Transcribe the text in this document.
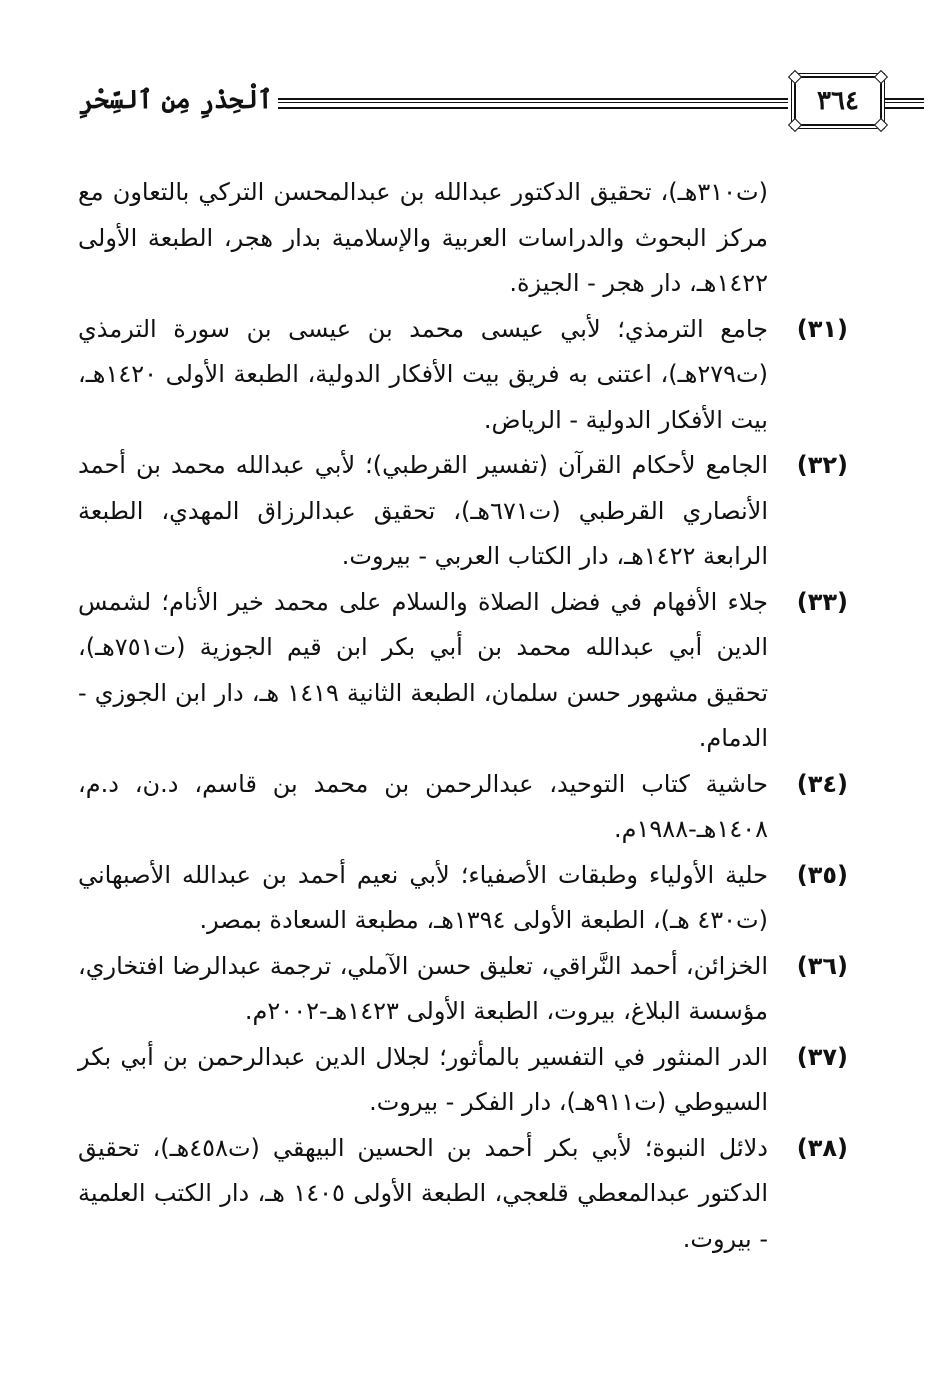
٣٦٤
ٱلْحِذْرِ مِن ٱلسِّحْرِ

(ت٣١٠هـ)، تحقيق الدكتور عبدالله بن عبدالمحسن التركي بالتعاون مع مركز البحوث والدراسات العربية والإسلامية بدار هجر، الطبعة الأولى ١٤٢٢هـ، دار هجر - الجيزة.

(٣١)
جامع الترمذي؛ لأبي عيسى محمد بن عيسى بن سورة الترمذي (ت٢٧٩هـ)، اعتنى به فريق بيت الأفكار الدولية، الطبعة الأولى ١٤٢٠هـ، بيت الأفكار الدولية - الرياض.
(٣٢)
الجامع لأحكام القرآن (تفسير القرطبي)؛ لأبي عبدالله محمد بن أحمد الأنصاري القرطبي (ت٦٧١هـ)، تحقيق عبدالرزاق المهدي، الطبعة الرابعة ١٤٢٢هـ، دار الكتاب العربي - بيروت.
(٣٣)
جلاء الأفهام في فضل الصلاة والسلام على محمد خير الأنام؛ لشمس الدين أبي عبدالله محمد بن أبي بكر ابن قيم الجوزية (ت٧٥١هـ)، تحقيق مشهور حسن سلمان، الطبعة الثانية ١٤١٩ هـ، دار ابن الجوزي - الدمام.
(٣٤)
حاشية كتاب التوحيد، عبدالرحمن بن محمد بن قاسم، د.ن، د.م، ١٤٠٨هـ-١٩٨٨م.
(٣٥)
حلية الأولياء وطبقات الأصفياء؛ لأبي نعيم أحمد بن عبدالله الأصبهاني (ت٤٣٠ هـ)، الطبعة الأولى ١٣٩٤هـ، مطبعة السعادة بمصر.
(٣٦)
الخزائن، أحمد النَّراقي، تعليق حسن الآملي، ترجمة عبدالرضا افتخاري، مؤسسة البلاغ، بيروت، الطبعة الأولى ١٤٢٣هـ-٢٠٠٢م.
(٣٧)
الدر المنثور في التفسير بالمأثور؛ لجلال الدين عبدالرحمن بن أبي بكر السيوطي (ت٩١١هـ)، دار الفكر - بيروت.
(٣٨)
دلائل النبوة؛ لأبي بكر أحمد بن الحسين البيهقي (ت٤٥٨هـ)، تحقيق الدكتور عبدالمعطي قلعجي، الطبعة الأولى ١٤٠٥ هـ، دار الكتب العلمية - بيروت.
